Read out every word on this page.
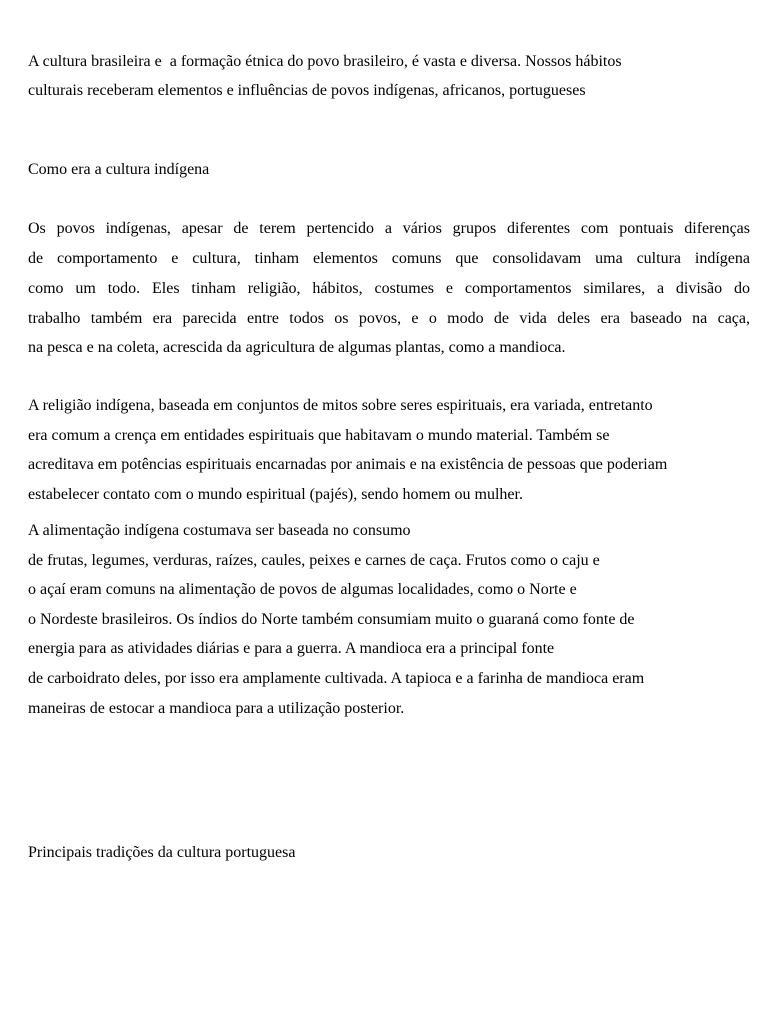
A cultura brasileira e  a formação étnica do povo brasileiro, é vasta e diversa. Nossos hábitos
culturais receberam elementos e influências de povos indígenas, africanos, portugueses
Como era a cultura indígena
Os povos indígenas, apesar de terem pertencido a vários grupos diferentes com pontuais diferenças
de comportamento e cultura, tinham elementos comuns que consolidavam uma cultura indígena
como um todo. Eles tinham religião, hábitos, costumes e comportamentos similares, a divisão do
trabalho também era parecida entre todos os povos, e o modo de vida deles era baseado na caça,
na pesca e na coleta, acrescida da agricultura de algumas plantas, como a mandioca.
A religião indígena, baseada em conjuntos de mitos sobre seres espirituais, era variada, entretanto
era comum a crença em entidades espirituais que habitavam o mundo material. Também se
acreditava em potências espirituais encarnadas por animais e na existência de pessoas que poderiam
estabelecer contato com o mundo espiritual (pajés), sendo homem ou mulher.
A alimentação indígena costumava ser baseada no consumo
de frutas, legumes, verduras, raízes, caules, peixes e carnes de caça. Frutos como o caju e
o açaí eram comuns na alimentação de povos de algumas localidades, como o Norte e
o Nordeste brasileiros. Os índios do Norte também consumiam muito o guaraná como fonte de
energia para as atividades diárias e para a guerra. A mandioca era a principal fonte
de carboidrato deles, por isso era amplamente cultivada. A tapioca e a farinha de mandioca eram
maneiras de estocar a mandioca para a utilização posterior.
Principais tradições da cultura portuguesa
